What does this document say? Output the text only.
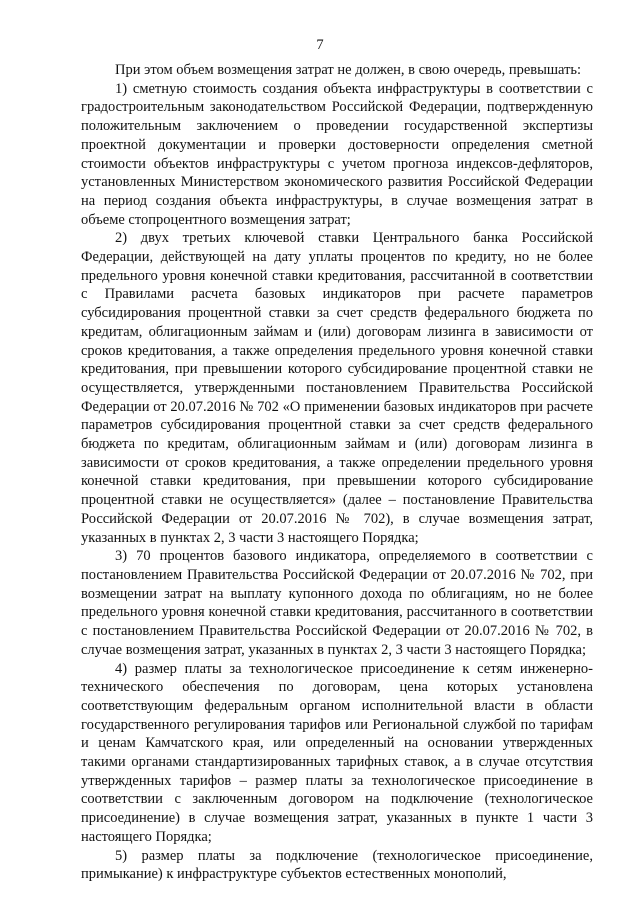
7

При этом объем возмещения затрат не должен, в свою очередь, превышать:

1) сметную стоимость создания объекта инфраструктуры в соответствии с градостроительным законодательством Российской Федерации, подтвержденную положительным заключением о проведении государственной экспертизы проектной документации и проверки достоверности определения сметной стоимости объектов инфраструктуры с учетом прогноза индексов-дефляторов, установленных Министерством экономического развития Российской Федерации на период создания объекта инфраструктуры, в случае возмещения затрат в объеме стопроцентного возмещения затрат;

2) двух третьих ключевой ставки Центрального банка Российской Федерации, действующей на дату уплаты процентов по кредиту, но не более предельного уровня конечной ставки кредитования, рассчитанной в соответствии с Правилами расчета базовых индикаторов при расчете параметров субсидирования процентной ставки за счет средств федерального бюджета по кредитам, облигационным займам и (или) договорам лизинга в зависимости от сроков кредитования, а также определения предельного уровня конечной ставки кредитования, при превышении которого субсидирование процентной ставки не осуществляется, утвержденными постановлением Правительства Российской Федерации от 20.07.2016 № 702 «О применении базовых индикаторов при расчете параметров субсидирования процентной ставки за счет средств федерального бюджета по кредитам, облигационным займам и (или) договорам лизинга в зависимости от сроков кредитования, а также определении предельного уровня конечной ставки кредитования, при превышении которого субсидирование процентной ставки не осуществляется» (далее – постановление Правительства Российской Федерации от 20.07.2016 № 702), в случае возмещения затрат, указанных в пунктах 2, 3 части 3 настоящего Порядка;

3) 70 процентов базового индикатора, определяемого в соответствии с постановлением Правительства Российской Федерации от 20.07.2016 № 702, при возмещении затрат на выплату купонного дохода по облигациям, но не более предельного уровня конечной ставки кредитования, рассчитанного в соответствии с постановлением Правительства Российской Федерации от 20.07.2016 № 702, в случае возмещения затрат, указанных в пунктах 2, 3 части 3 настоящего Порядка;

4) размер платы за технологическое присоединение к сетям инженерно-технического обеспечения по договорам, цена которых установлена соответствующим федеральным органом исполнительной власти в области государственного регулирования тарифов или Региональной службой по тарифам и ценам Камчатского края, или определенный на основании утвержденных такими органами стандартизированных тарифных ставок, а в случае отсутствия утвержденных тарифов – размер платы за технологическое присоединение в соответствии с заключенным договором на подключение (технологическое присоединение) в случае возмещения затрат, указанных в пункте 1 части 3 настоящего Порядка;

5) размер платы за подключение (технологическое присоединение, примыкание) к инфраструктуре субъектов естественных монополий,
